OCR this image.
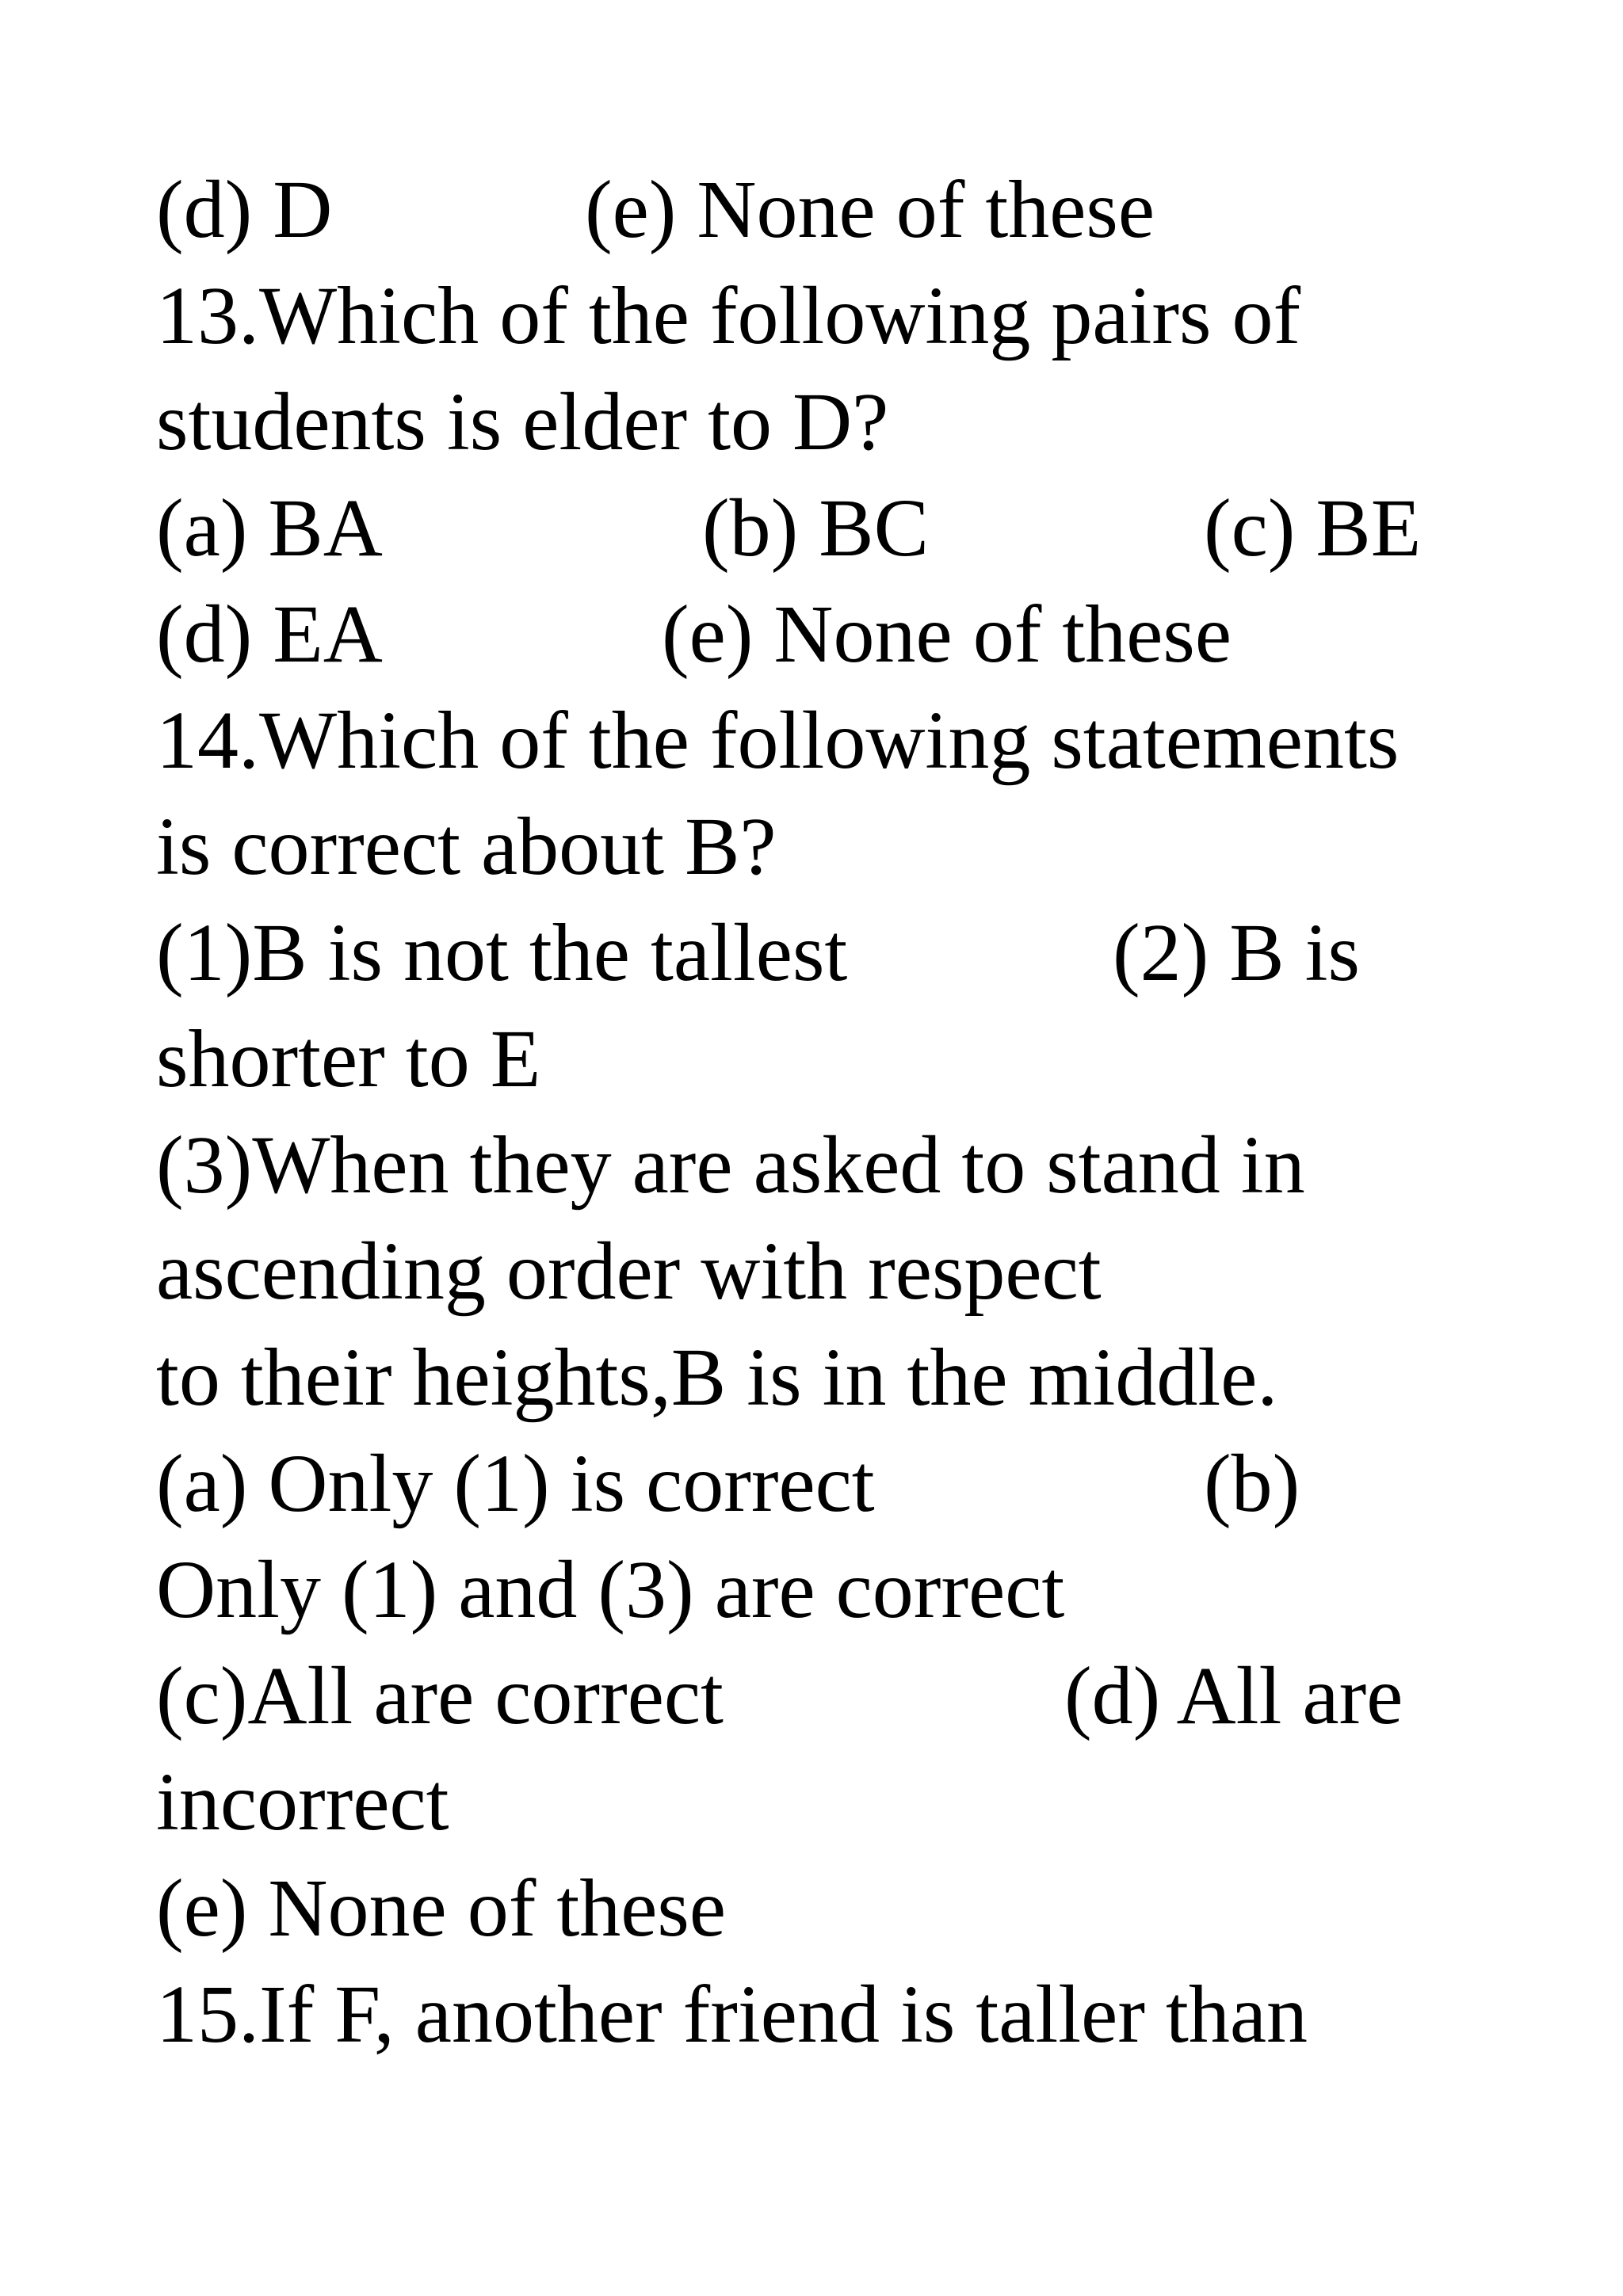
(d) D

	(e) None of these

13.Which of the following pairs of

students is elder to D?

(a) BA

	(b) BC

	(c) BE

(d) EA

	(e) None of these

14.Which of the following statements

is correct about B?

(1)B is not the tallest

	(2) B is

shorter to E

(3)When they are asked to stand in

ascending order with respect

to their heights,B is in the middle.

(a) Only (1) is correct

	(b)

Only (1) and (3) are correct

(c)All are correct

	(d) All are

incorrect

(e) None of these

15.If F, another friend is taller than
